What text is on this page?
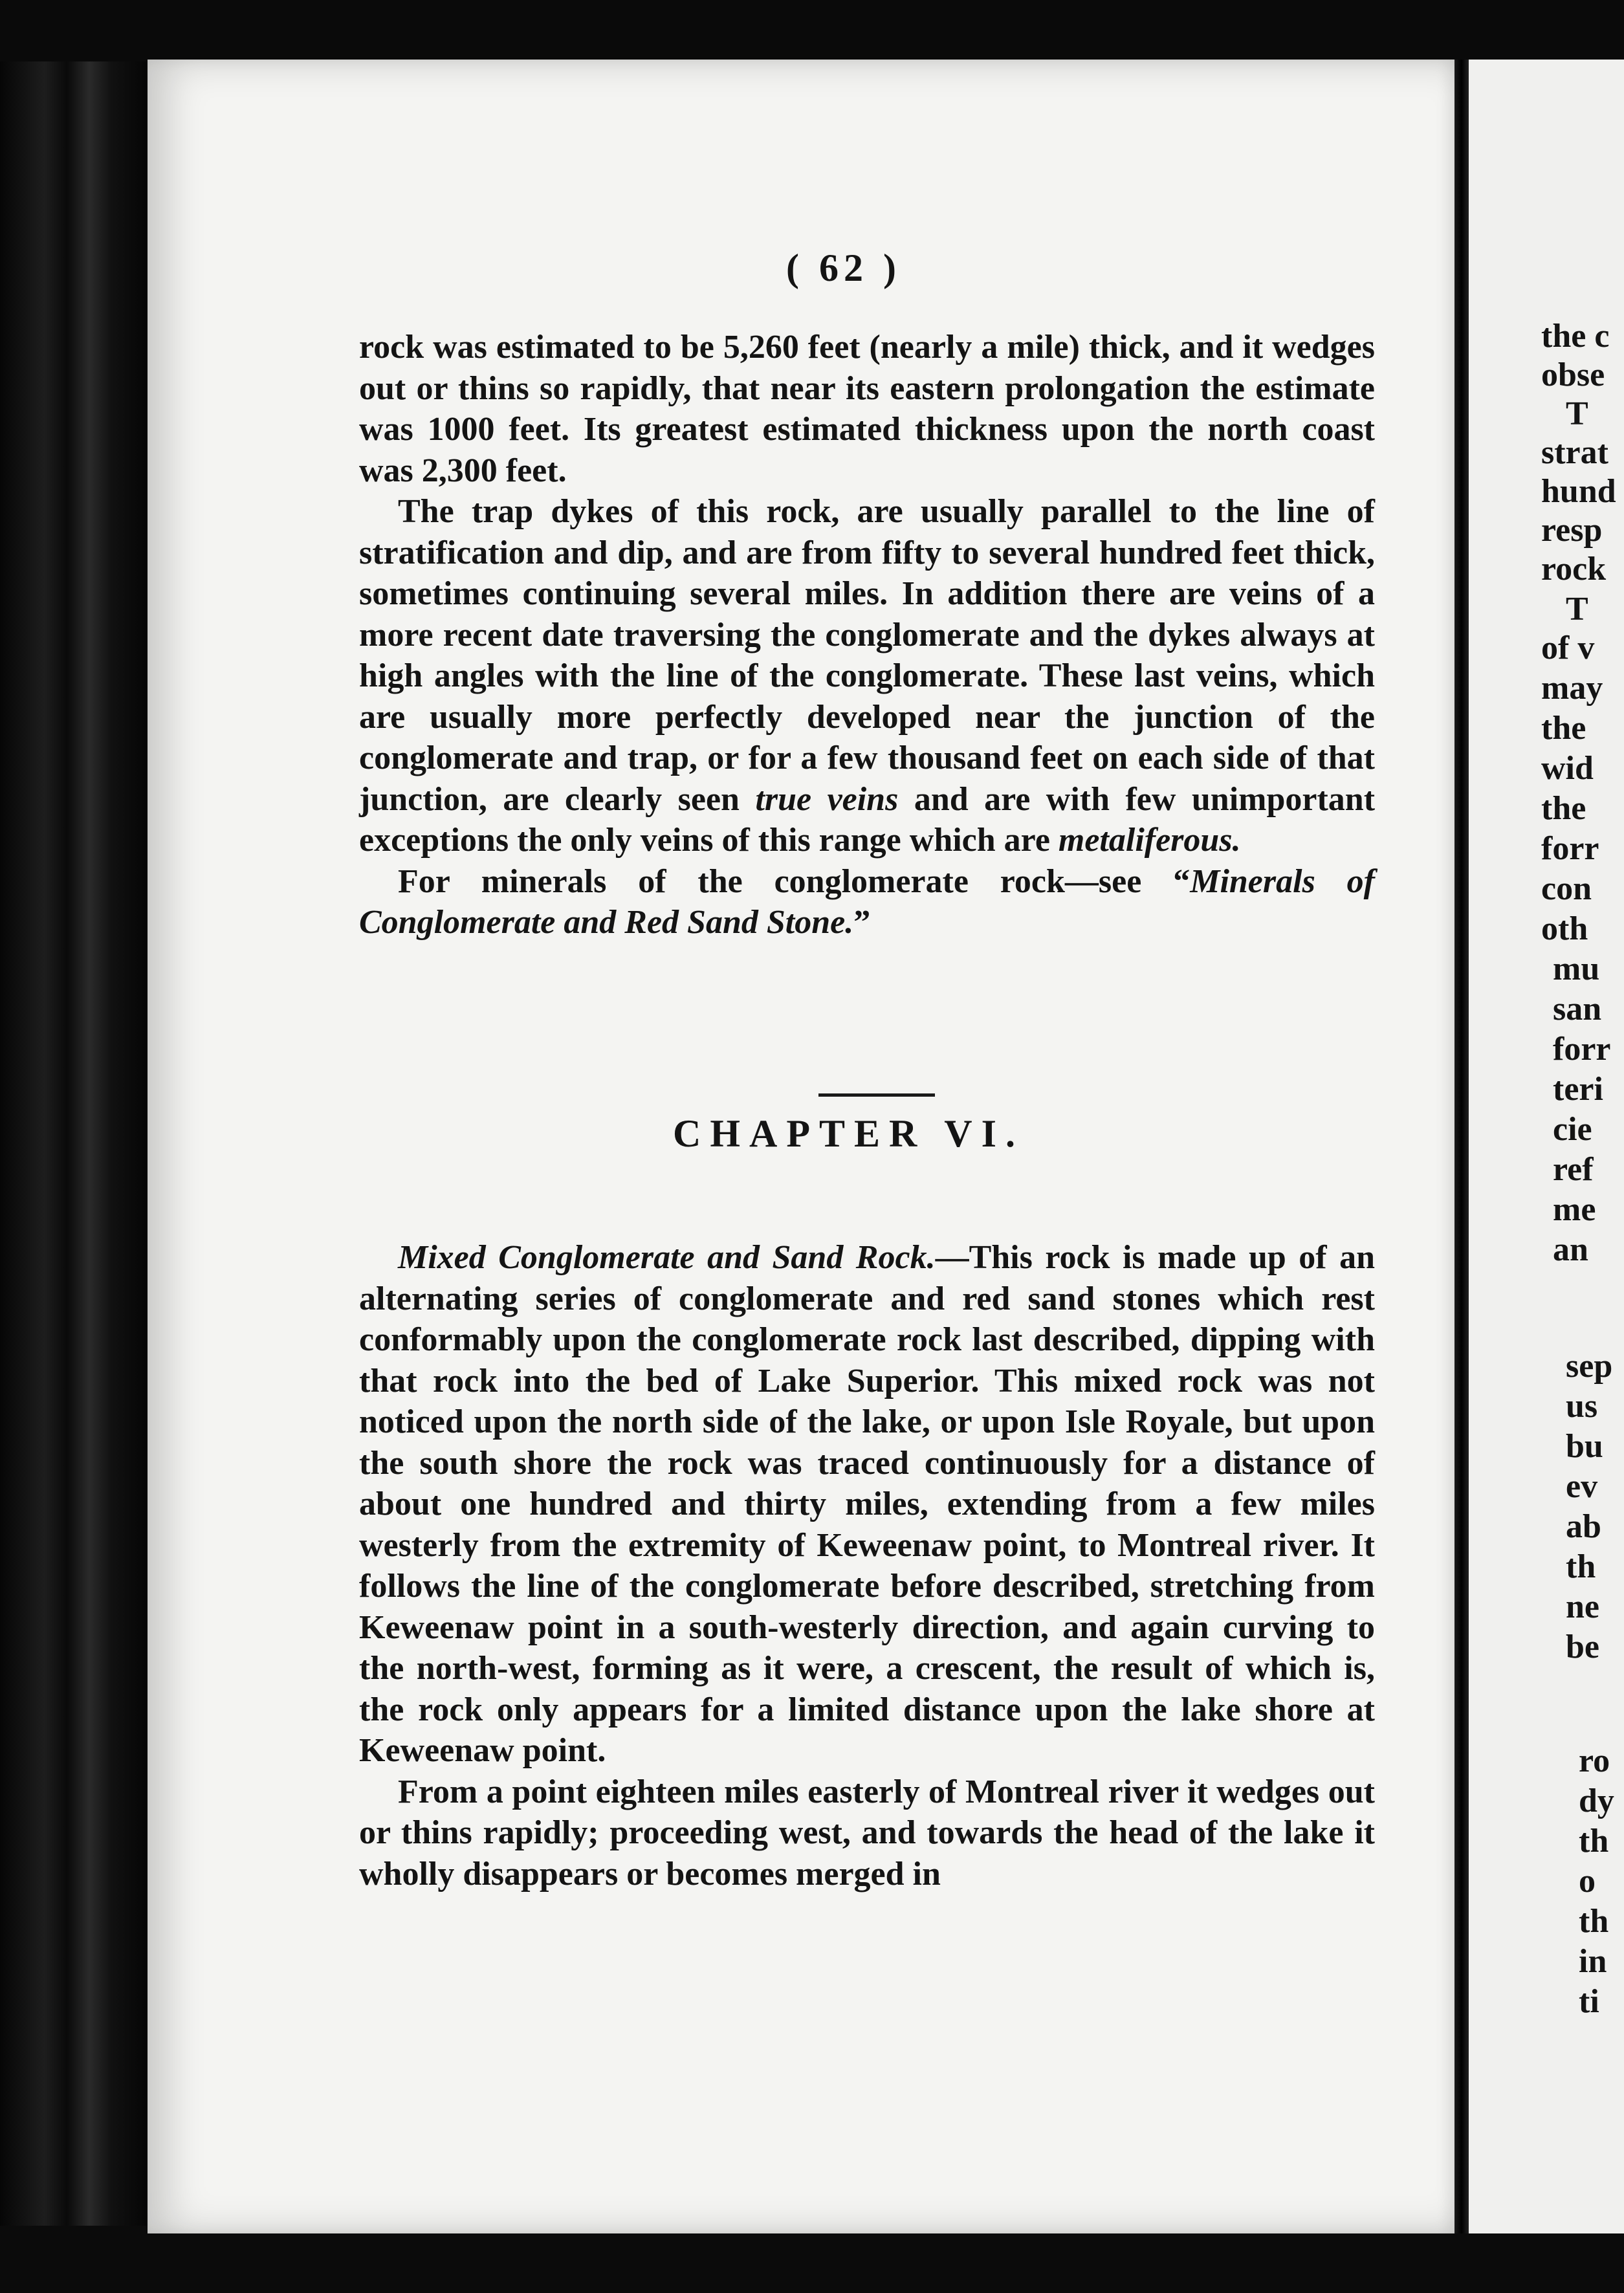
the c
obse
T
strat
hund
resp
rock
T
of v
may
the
wid
the
forr
con
oth
mu
san
forr
teri
cie
ref
me
an
sep
us
bu
ev
ab
th
ne
be
ro
dy
th
o
th
in
ti
( 62 )

rock was estimated to be 5,260 feet (nearly a mile) thick, and it wedges out or thins so rapidly, that near its eastern prolongation the estimate was 1000 feet. Its greatest estimated thickness upon the north coast was 2,300 feet.

The trap dykes of this rock, are usually parallel to the line of stratification and dip, and are from fifty to several hundred feet thick, sometimes continuing several miles. In addition there are veins of a more recent date traversing the conglomerate and the dykes always at high angles with the line of the conglomerate. These last veins, which are usually more perfectly developed near the junction of the conglomerate and trap, or for a few thousand feet on each side of that junction, are clearly seen true veins and are with few unimportant exceptions the only veins of this range which are metaliferous.

For minerals of the conglomerate rock—see “Minerals of Conglomerate and Red Sand Stone.”

CHAPTER VI.

Mixed Conglomerate and Sand Rock.—This rock is made up of an alternating series of conglomerate and red sand stones which rest conformably upon the conglomerate rock last described, dipping with that rock into the bed of Lake Superior. This mixed rock was not noticed upon the north side of the lake, or upon Isle Royale, but upon the south shore the rock was traced continuously for a distance of about one hundred and thirty miles, extending from a few miles westerly from the extremity of Keweenaw point, to Montreal river. It follows the line of the conglomerate before described, stretching from Keweenaw point in a south-westerly direction, and again curving to the north-west, forming as it were, a crescent, the result of which is, the rock only appears for a limited distance upon the lake shore at Keweenaw point.

From a point eighteen miles easterly of Montreal river it wedges out or thins rapidly; proceeding west, and towards the head of the lake it wholly disappears or becomes merged in
